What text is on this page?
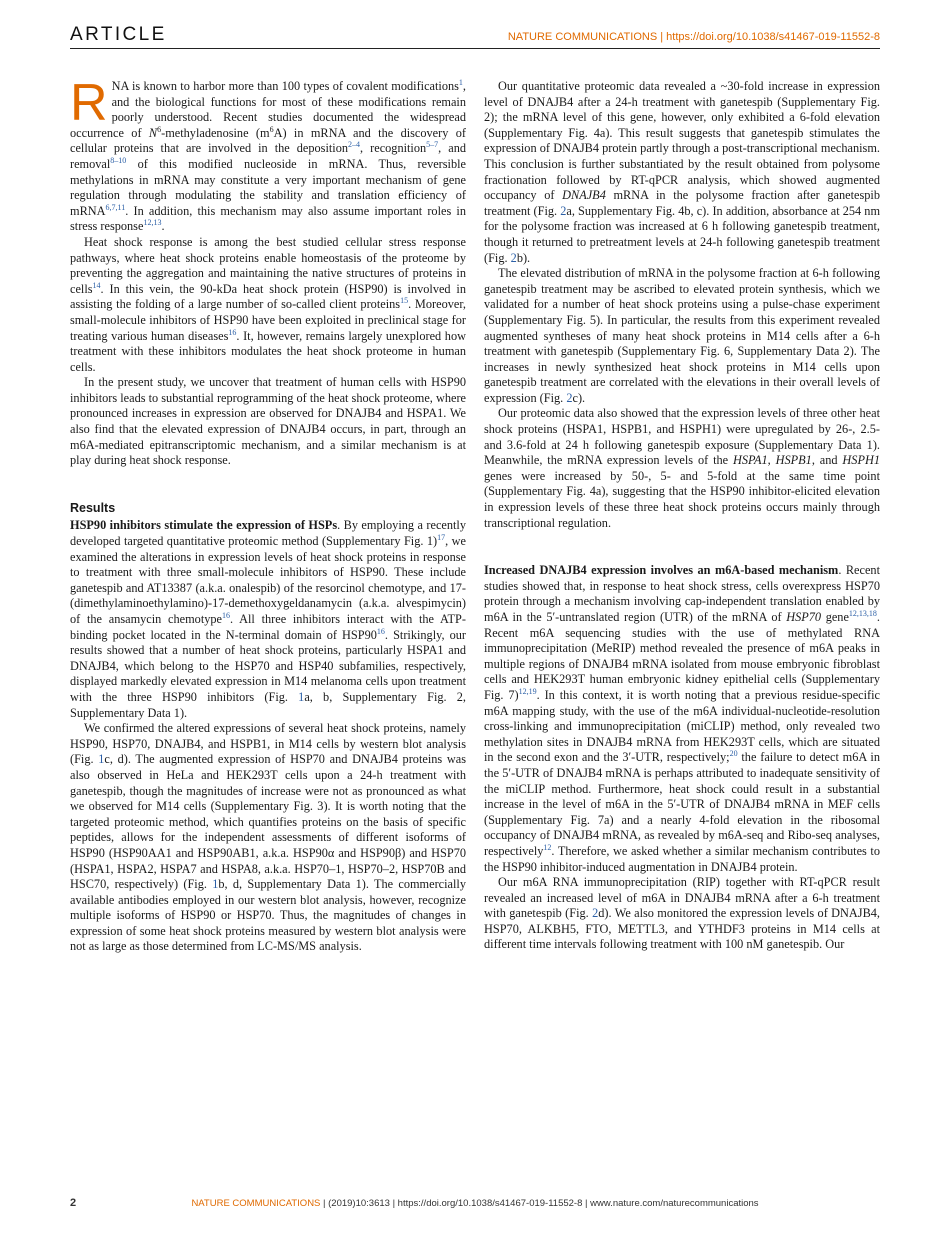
ARTICLE	NATURE COMMUNICATIONS | https://doi.org/10.1038/s41467-019-11552-8

RNA is known to harbor more than 100 types of covalent modifications$^1$, and the biological functions for most of these modifications remain poorly understood. Recent studies documented the widespread occurrence of $N^6$-methyladenosine $(m^6A)$ in mRNA and the discovery of cellular proteins that are involved in the deposition$^{2-4}$, recognition$^{5-7}$, and removal$^{8-10}$ of this modified nucleoside in mRNA. Thus, reversible methylations in mRNA may constitute a very important mechanism of gene regulation through modulating the stability and translation efficiency of mRNA$^{6,7,11}$. In addition, this mechanism may also assume important roles in stress response$^{12,13}$.

Heat shock response is among the best studied cellular stress response pathways, where heat shock proteins enable homeostasis of the proteome by preventing the aggregation and maintaining the native structures of proteins in cells$^{14}$. In this vein, the 90-kDa heat shock protein (HSP90) is involved in assisting the folding of a large number of so-called client proteins$^{15}$. Moreover, small-molecule inhibitors of HSP90 have been exploited in preclinical stage for treating various human diseases$^{16}$. It, however, remains largely unexplored how treatment with these inhibitors modulates the heat shock proteome in human cells.

In the present study, we uncover that treatment of human cells with HSP90 inhibitors leads to substantial reprogramming of the heat shock proteome, where pronounced increases in expression are observed for DNAJB4 and HSPA1. We also find that the elevated expression of DNAJB4 occurs, in part, through an m6A-mediated epitranscriptomic mechanism, and a similar mechanism is at play during heat shock response.

Results

HSP90 inhibitors stimulate the expression of HSPs. By employing a recently developed targeted quantitative proteomic method (Supplementary Fig. 1)$^{17}$, we examined the alterations in expression levels of heat shock proteins in response to treatment with three small-molecule inhibitors of HSP90. These include ganetespib and AT13387 (a.k.a. onalespib) of the resorcinol chemotype, and 17-(dimethylaminoethylamino)-17-demethoxygeldanamycin (a.k.a. alvespimycin) of the ansamycin chemotype$^{16}$. All three inhibitors interact with the ATP-binding pocket located in the N-terminal domain of HSP90$^{16}$. Strikingly, our results showed that a number of heat shock proteins, particularly HSPA1 and DNAJB4, which belong to the HSP70 and HSP40 subfamilies, respectively, displayed markedly elevated expression in M14 melanoma cells upon treatment with the three HSP90 inhibitors (Fig. 1a, b, Supplementary Fig. 2, Supplementary Data 1).

We confirmed the altered expressions of several heat shock proteins, namely HSP90, HSP70, DNAJB4, and HSPB1, in M14 cells by western blot analysis (Fig. 1c, d). The augmented expression of HSP70 and DNAJB4 proteins was also observed in HeLa and HEK293T cells upon a 24-h treatment with ganetespib, though the magnitudes of increase were not as pronounced as what we observed for M14 cells (Supplementary Fig. 3). It is worth noting that the targeted proteomic method, which quantifies proteins on the basis of specific peptides, allows for the independent assessments of different isoforms of HSP90 (HSP90AA1 and HSP90AB1, a.k.a. HSP90α and HSP90β) and HSP70 (HSPA1, HSPA2, HSPA7 and HSPA8, a.k.a. HSP70–1, HSP70–2, HSP70B and HSC70, respectively) (Fig. 1b, d, Supplementary Data 1). The commercially available antibodies employed in our western blot analysis, however, recognize multiple isoforms of HSP90 or HSP70. Thus, the magnitudes of changes in expression of some heat shock proteins measured by western blot analysis were not as large as those determined from LC-MS/MS analysis.

Our quantitative proteomic data revealed a ~30-fold increase in expression level of DNAJB4 after a 24-h treatment with ganetespib (Supplementary Fig. 2); the mRNA level of this gene, however, only exhibited a 6-fold elevation (Supplementary Fig. 4a). This result suggests that ganetespib stimulates the expression of DNAJB4 protein partly through a post-transcriptional mechanism. This conclusion is further substantiated by the result obtained from polysome fractionation followed by RT-qPCR analysis, which showed augmented occupancy of DNAJB4 mRNA in the polysome fraction after ganetespib treatment (Fig. 2a, Supplementary Fig. 4b, c). In addition, absorbance at 254 nm for the polysome fraction was increased at 6 h following ganetespib treatment, though it returned to pretreatment levels at 24-h following ganetespib treatment (Fig. 2b).

The elevated distribution of mRNA in the polysome fraction at 6-h following ganetespib treatment may be ascribed to elevated protein synthesis, which we validated for a number of heat shock proteins using a pulse-chase experiment (Supplementary Fig. 5). In particular, the results from this experiment revealed augmented syntheses of many heat shock proteins in M14 cells after a 6-h treatment with ganetespib (Supplementary Fig. 6, Supplementary Data 2). The increases in newly synthesized heat shock proteins in M14 cells upon ganetespib treatment are correlated with the elevations in their overall levels of expression (Fig. 2c).

Our proteomic data also showed that the expression levels of three other heat shock proteins (HSPA1, HSPB1, and HSPH1) were upregulated by 26-, 2.5- and 3.6-fold at 24 h following ganetespib exposure (Supplementary Data 1). Meanwhile, the mRNA expression levels of the HSPA1, HSPB1, and HSPH1 genes were increased by 50-, 5- and 5-fold at the same time point (Supplementary Fig. 4a), suggesting that the HSP90 inhibitor-elicited elevation in expression levels of these three heat shock proteins occurs mainly through transcriptional regulation.

Increased DNAJB4 expression involves an m6A-based mechanism. Recent studies showed that, in response to heat shock stress, cells overexpress HSP70 protein through a mechanism involving cap-independent translation enabled by m6A in the 5′-untranslated region (UTR) of the mRNA of HSP70 gene$^{12,13,18}$. Recent m6A sequencing studies with the use of methylated RNA immunoprecipitation (MeRIP) method revealed the presence of m6A peaks in multiple regions of DNAJB4 mRNA isolated from mouse embryonic fibroblast cells and HEK293T human embryonic kidney epithelial cells (Supplementary Fig. 7)$^{12,19}$. In this context, it is worth noting that a previous residue-specific m6A mapping study, with the use of the m6A individual-nucleotide-resolution cross-linking and immunoprecipitation (miCLIP) method, only revealed two methylation sites in DNAJB4 mRNA from HEK293T cells, which are situated in the second exon and the 3′-UTR, respectively;$^{20}$ the failure to detect m6A in the 5′-UTR of DNAJB4 mRNA is perhaps attributed to inadequate sensitivity of the miCLIP method. Furthermore, heat shock could result in a substantial increase in the level of m6A in the 5′-UTR of DNAJB4 mRNA in MEF cells (Supplementary Fig. 7a) and a nearly 4-fold elevation in the ribosomal occupancy of DNAJB4 mRNA, as revealed by m6A-seq and Ribo-seq analyses, respectively$^{12}$. Therefore, we asked whether a similar mechanism contributes to the HSP90 inhibitor-induced augmentation in DNAJB4 protein.

Our m6A RNA immunoprecipitation (RIP) together with RT-qPCR result revealed an increased level of m6A in DNAJB4 mRNA after a 6-h treatment with ganetespib (Fig. 2d). We also monitored the expression levels of DNAJB4, HSP70, ALKBH5, FTO, METTL3, and YTHDF3 proteins in M14 cells at different time intervals following treatment with 100 nM ganetespib. Our

2	NATURE COMMUNICATIONS | (2019)10:3613 | https://doi.org/10.1038/s41467-019-11552-8 | www.nature.com/naturecommunications
